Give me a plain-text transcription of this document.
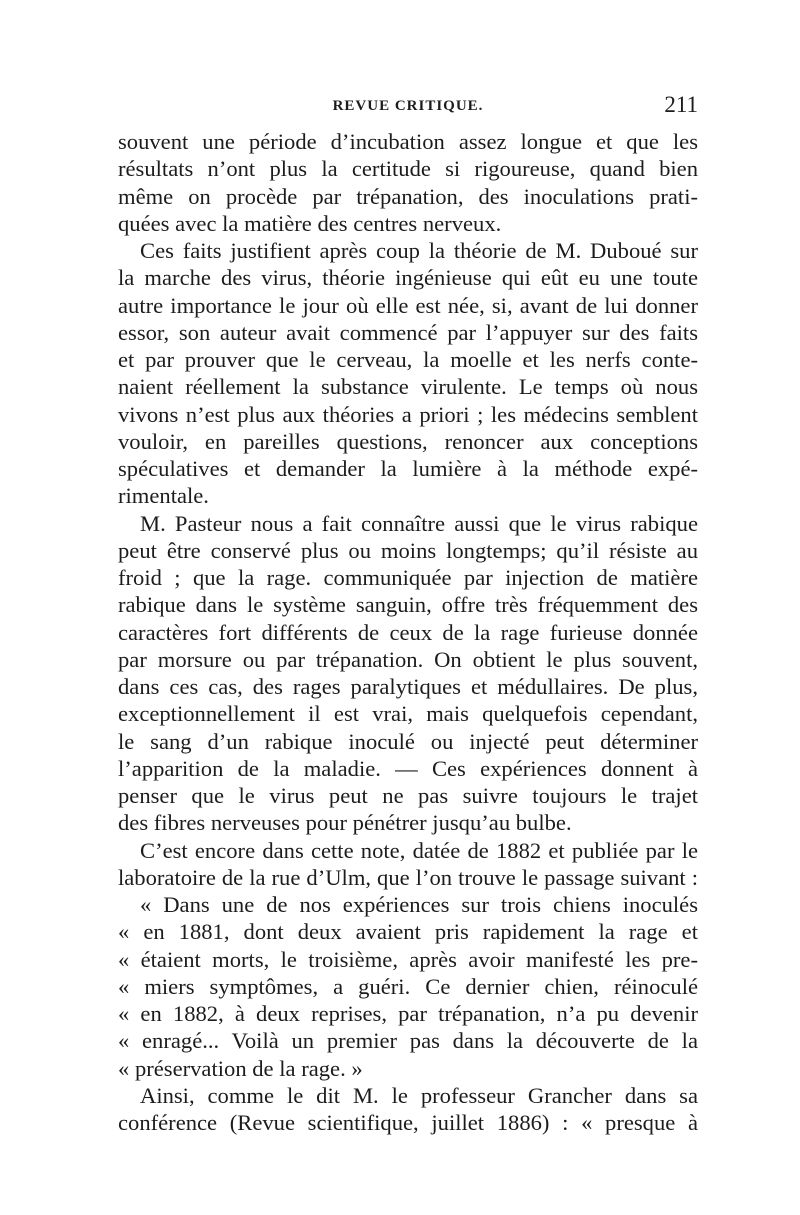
REVUE CRITIQUE.	211
souvent une période d’incubation assez longue et que les
résultats n’ont plus la certitude si rigoureuse, quand bien
même on procède par trépanation, des inoculations prati-
quées avec la matière des centres nerveux.
Ces faits justifient après coup la théorie de M. Duboué sur
la marche des virus, théorie ingénieuse qui eût eu une toute
autre importance le jour où elle est née, si, avant de lui donner
essor, son auteur avait commencé par l’appuyer sur des faits
et par prouver que le cerveau, la moelle et les nerfs conte-
naient réellement la substance virulente. Le temps où nous
vivons n’est plus aux théories a priori ; les médecins semblent
vouloir, en pareilles questions, renoncer aux conceptions
spéculatives et demander la lumière à la méthode expé-
rimentale.
M. Pasteur nous a fait connaître aussi que le virus rabique
peut être conservé plus ou moins longtemps; qu’il résiste au
froid ; que la rage. communiquée par injection de matière
rabique dans le système sanguin, offre très fréquemment des
caractères fort différents de ceux de la rage furieuse donnée
par morsure ou par trépanation. On obtient le plus souvent,
dans ces cas, des rages paralytiques et médullaires. De plus,
exceptionnellement il est vrai, mais quelquefois cependant,
le sang d’un rabique inoculé ou injecté peut déterminer
l’apparition de la maladie. — Ces expériences donnent à
penser que le virus peut ne pas suivre toujours le trajet
des fibres nerveuses pour pénétrer jusqu’au bulbe.
C’est encore dans cette note, datée de 1882 et publiée par le
laboratoire de la rue d’Ulm, que l’on trouve le passage suivant :
« Dans une de nos expériences sur trois chiens inoculés
« en 1881, dont deux avaient pris rapidement la rage et
« étaient morts, le troisième, après avoir manifesté les pre-
« miers symptômes, a guéri. Ce dernier chien, réinoculé
« en 1882, à deux reprises, par trépanation, n’a pu devenir
« enragé... Voilà un premier pas dans la découverte de la
« préservation de la rage. »
Ainsi, comme le dit M. le professeur Grancher dans sa
conférence (Revue scientifique, juillet 1886) : « presque à
